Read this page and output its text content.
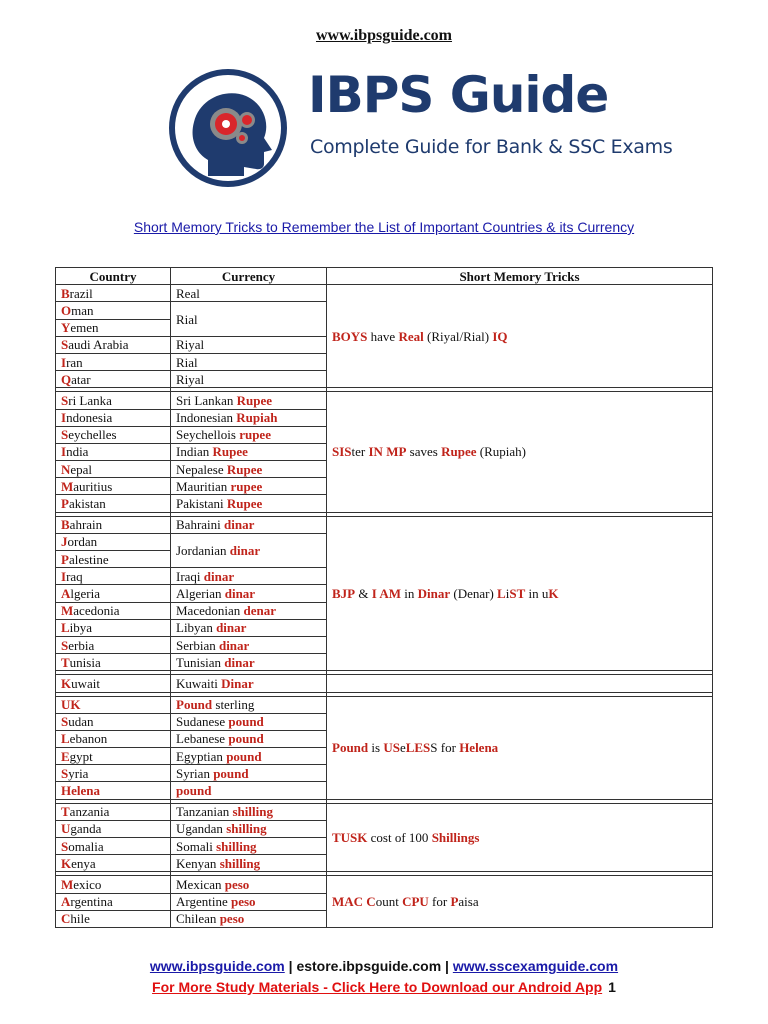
www.ibpsguide.com
IBPS Guide
Complete Guide for Bank & SSC Exams
Short Memory Tricks to Remember the List of Important Countries & its Currency
Country	Currency	Short Memory Tricks
Brazil	Real	BOYS have Real (Riyal/Rial) IQ
Oman	Rial	
Yemen		
Saudi Arabia	Riyal	
Iran	Rial	
Qatar	Riyal	

Sri Lanka	Sri Lankan Rupee	SISter IN MP saves Rupee (Rupiah)
Indonesia	Indonesian Rupiah	
Seychelles	Seychellois rupee	
India	Indian Rupee	
Nepal	Nepalese Rupee	
Mauritius	Mauritian rupee	
Pakistan	Pakistani Rupee	

Bahrain	Bahraini dinar	BJP & I AM in Dinar (Denar) LiST in uK
Jordan	Jordanian dinar	
Palestine		
Iraq	Iraqi dinar	
Algeria	Algerian dinar	
Macedonia	Macedonian denar	
Libya	Libyan dinar	
Serbia	Serbian dinar	
Tunisia	Tunisian dinar	

Kuwait	Kuwaiti Dinar	

UK	Pound sterling	Pound is USeLESS for Helena
Sudan	Sudanese pound	
Lebanon	Lebanese pound	
Egypt	Egyptian pound	
Syria	Syrian pound	
Helena	pound	

Tanzania	Tanzanian shilling	TUSK cost of 100 Shillings
Uganda	Ugandan shilling	
Somalia	Somali shilling	
Kenya	Kenyan shilling	

Mexico	Mexican peso	MAC Count CPU for Paisa
Argentina	Argentine peso	
Chile	Chilean peso	
www.ibpsguide.com | estore.ibpsguide.com | www.sscexamguide.com
For More Study Materials - Click Here to Download our Android App 1
